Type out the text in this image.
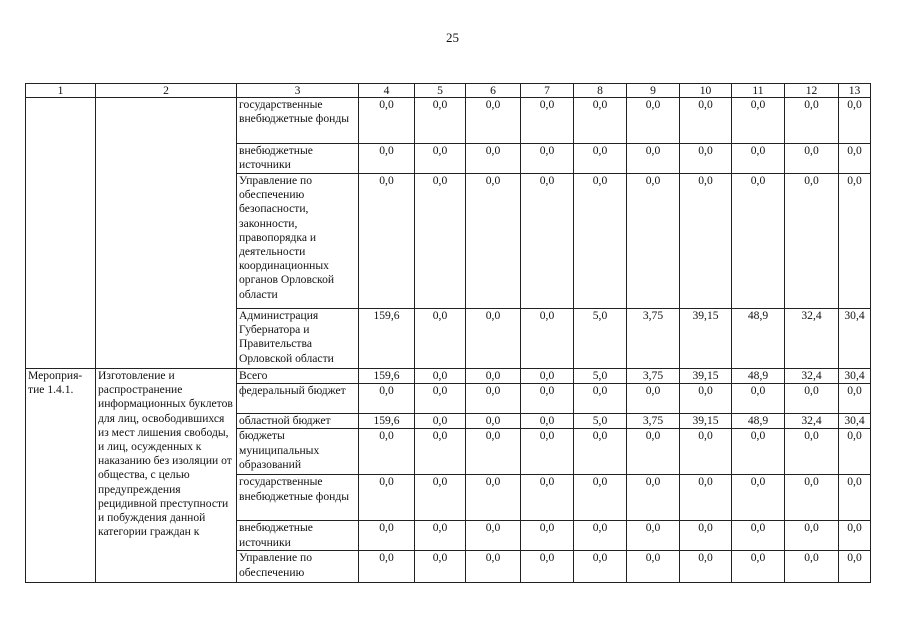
25
1	2	3	4	5	6	7	8	9	10	11	12	13
		государственные внебюджетные фонды	0,0	0,0	0,0	0,0	0,0	0,0	0,0	0,0	0,0	0,0
		внебюджетные источники	0,0	0,0	0,0	0,0	0,0	0,0	0,0	0,0	0,0	0,0
		Управление по обеспечению безопасности, законности, правопорядка и деятельности координационных органов Орловской области	0,0	0,0	0,0	0,0	0,0	0,0	0,0	0,0	0,0	0,0
		Администрация Губернатора и Правительства Орловской области	159,6	0,0	0,0	0,0	5,0	3,75	39,15	48,9	32,4	30,4
Мероприя-тие 1.4.1.	Изготовление и распространение информационных буклетов для лиц, освободившихся из мест лишения свободы, и лиц, осужденных к наказанию без изоляции от общества, с целью предупреждения рецидивной преступности и побуждения данной категории граждан к	Всего	159,6	0,0	0,0	0,0	5,0	3,75	39,15	48,9	32,4	30,4
		федеральный бюджет	0,0	0,0	0,0	0,0	0,0	0,0	0,0	0,0	0,0	0,0
		областной бюджет	159,6	0,0	0,0	0,0	5,0	3,75	39,15	48,9	32,4	30,4
		бюджеты муниципальных образований	0,0	0,0	0,0	0,0	0,0	0,0	0,0	0,0	0,0	0,0
		государственные внебюджетные фонды	0,0	0,0	0,0	0,0	0,0	0,0	0,0	0,0	0,0	0,0
		внебюджетные источники	0,0	0,0	0,0	0,0	0,0	0,0	0,0	0,0	0,0	0,0
		Управление по обеспечению	0,0	0,0	0,0	0,0	0,0	0,0	0,0	0,0	0,0	0,0
